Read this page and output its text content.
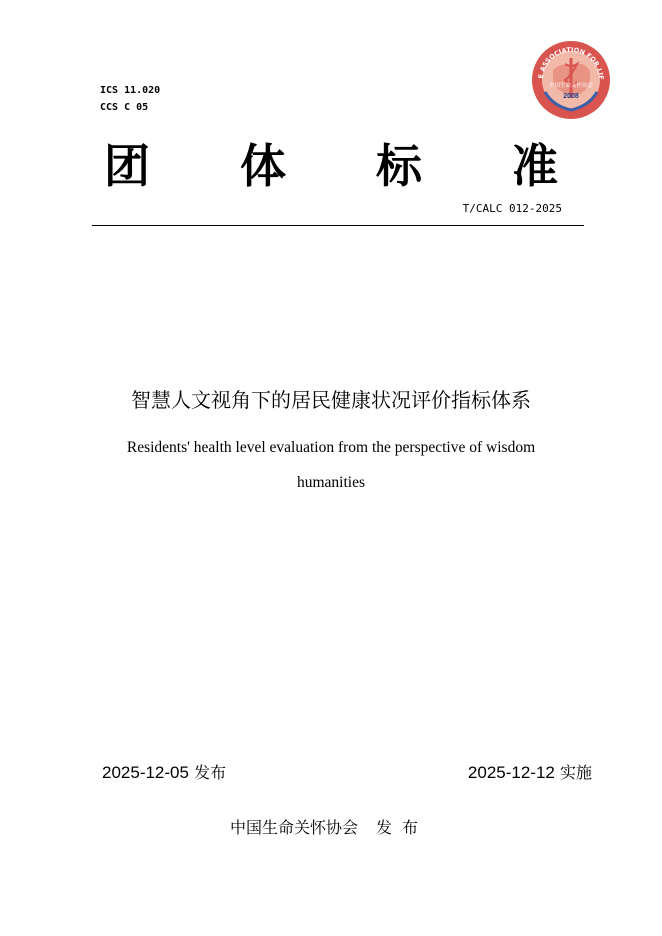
ICS 11.020
CCS C 05
E ASSOCIATION FOR LIF
中国生命关怀协会
2008
团 体 标 准
T/CALC 012-2025
智慧人文视角下的居民健康状况评价指标体系
Residents' health level evaluation from the perspective of wisdom humanities
2025-12-05 发布	2025-12-12 实施
中国生命关怀协会 发 布
